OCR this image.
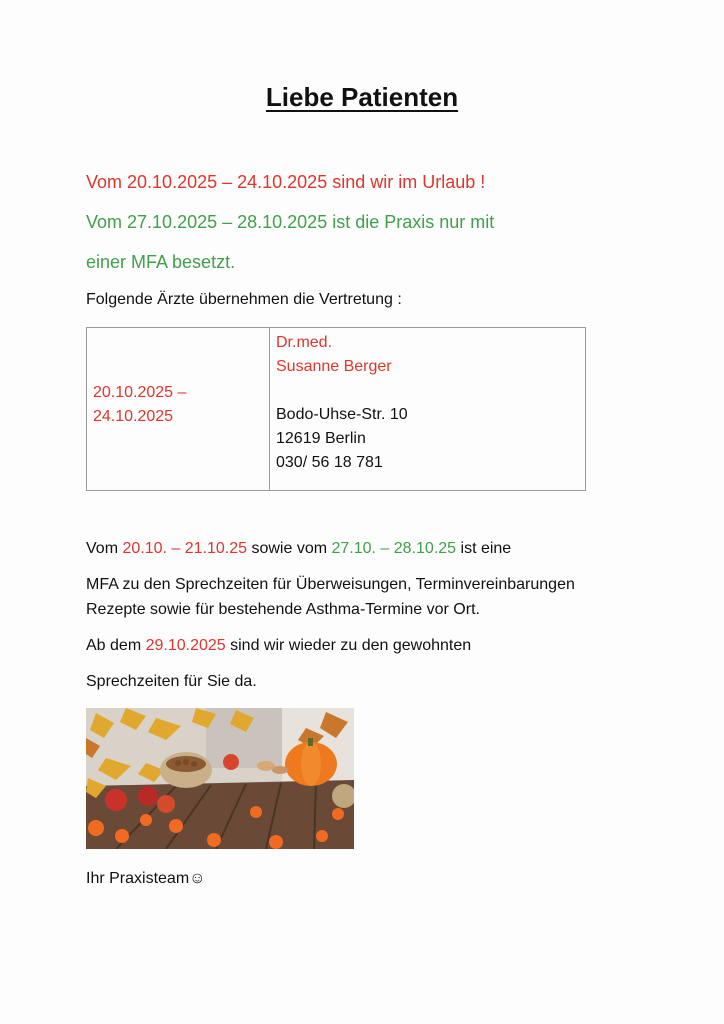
Liebe Patienten
Vom 20.10.2025 – 24.10.2025 sind wir im Urlaub !
Vom 27.10.2025 – 28.10.2025 ist die Praxis nur mit
einer MFA besetzt.
Folgende Ärzte übernehmen die Vertretung :
20.10.2025 –
24.10.2025
Dr.med.
Susanne Berger
Bodo-Uhse-Str. 10
12619 Berlin
030/ 56 18 781
Vom 20.10. – 21.10.25 sowie vom 27.10. – 28.10.25 ist eine
MFA zu den Sprechzeiten für Überweisungen, Terminvereinbarungen
Rezepte sowie für bestehende Asthma-Termine vor Ort.
Ab dem 29.10.2025 sind wir wieder zu den gewohnten
Sprechzeiten für Sie da.
Ihr Praxisteam☺
